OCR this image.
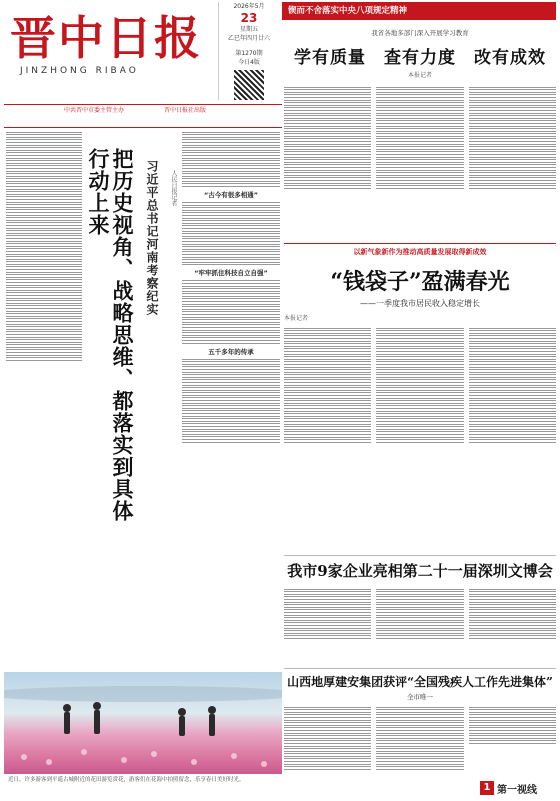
晋中日报
JINZHONG RIBAO
2026年5月
23
星期五
乙巳年四月廿六
第1270期
今日4版
锲而不舍落实中央八项规定精神
中共晋中市委主管主办	晋中日报社出版
我省各地多部门深入开展学习教育
学有质量　查有力度　改有成效
本报记者
以新气象新作为推动高质量发展取得新成效
“钱袋子”盈满春光
——一季度我市居民收入稳定增长
本报记者
我市9家企业亮相第二十一届深圳文博会
山西地厚建安集团获评“全国残疾人工作先进集体”
全市唯一
把历史视角、战略思维、都落实到具体行动上来	习近平总书记河南考察纪实	人民日报记者	“古今有很多相通”
“牢牢抓住科技自立自强”
五千多年的传承
近日，许多游客到平遥古城附近的花田游览赏花，游客们在花海中拍照留念，乐享春日美好时光。
1 第一视线
